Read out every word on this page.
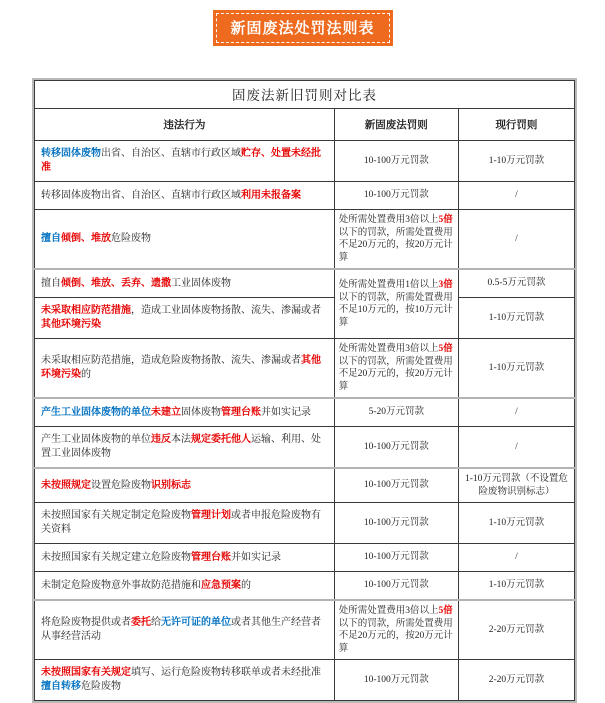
新固废法处罚法则表
固废法新旧罚则对比表		
违法行为	新固废法罚则	现行罚则
转移固体废物出省、自治区、直辖市行政区域贮存、处置未经批准	10-100万元罚款	1-10万元罚款
转移固体废物出省、自治区、直辖市行政区域利用未报备案	10-100万元罚款	/
擅自倾倒、堆放危险废物	处所需处置费用3倍以上5倍以下的罚款，所需处置费用不足20万元的，按20万元计算	/
擅自倾倒、堆放、丢弃、遗撒工业固体废物	处所需处置费用1倍以上3倍以下的罚款，所需处置费用不足10万元的，按10万元计算	0.5-5万元罚款
未采取相应防范措施，造成工业固体废物扬散、流失、渗漏或者其他环境污染		1-10万元罚款
未采取相应防范措施，造成危险废物扬散、流失、渗漏或者其他环境污染的	处所需处置费用3倍以上5倍以下的罚款，所需处置费用不足20万元的，按20万元计算	1-10万元罚款
产生工业固体废物的单位未建立固体废物管理台账并如实记录	5-20万元罚款	/
产生工业固体废物的单位违反本法规定委托他人运输、利用、处置工业固体废物	10-100万元罚款	/
未按照规定设置危险废物识别标志	10-100万元罚款	1-10万元罚款（不设置危险废物识别标志）
未按照国家有关规定制定危险废物管理计划或者申报危险废物有关资料	10-100万元罚款	1-10万元罚款
未按照国家有关规定建立危险废物管理台账并如实记录	10-100万元罚款	/
未制定危险废物意外事故防范措施和应急预案的	10-100万元罚款	1-10万元罚款
将危险废物提供或者委托给无许可证的单位或者其他生产经营者从事经营活动	处所需处置费用3倍以上5倍以下的罚款，所需处置费用不足20万元的，按20万元计算	2-20万元罚款
未按照国家有关规定填写、运行危险废物转移联单或者未经批准擅自转移危险废物	10-100万元罚款	2-20万元罚款
